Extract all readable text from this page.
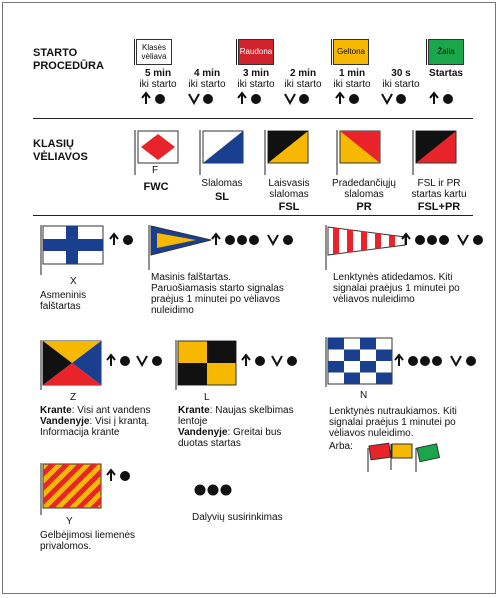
STARTO
PROCEDŪRA
Klasės
vėliava
Raudona	Geltona	Žalia
5 min
iki starto
4 min
iki starto
3 min
iki starto
2 min
iki starto
1 min
iki starto
30 s
iki starto
Startas
KLASIŲ
VĖLIAVOS
F
FWC	Slalomas
SL
Laisvasis
slalomas
FSL
Pradedančiųjų
slalomas
PR
FSL ir PR
startas kartu
FSL+PR
X
Asmeninis
falštartas
Masinis falštartas.
Paruošiamasis starto signalas
praėjus 1 minutei po vėliavos
nuleidimo
Lenktynės atidedamos. Kiti
signalai praėjus 1 minutei po
vėliavos nuleidimo
Z
Krante: Visi ant vandens
Vandenyje: Visi į krantą.
Informacija krante
L
Krante: Naujas skelbimas
lentoje
Vandenyje: Greitai bus
duotas startas
N
Lenktynės nutraukiamos. Kiti
signalai praėjus 1 minutei po
vėliavos nuleidimo.
Arba:
Y
Gelbėjimosi liemenės
privalomos.
Dalyvių susirinkimas
